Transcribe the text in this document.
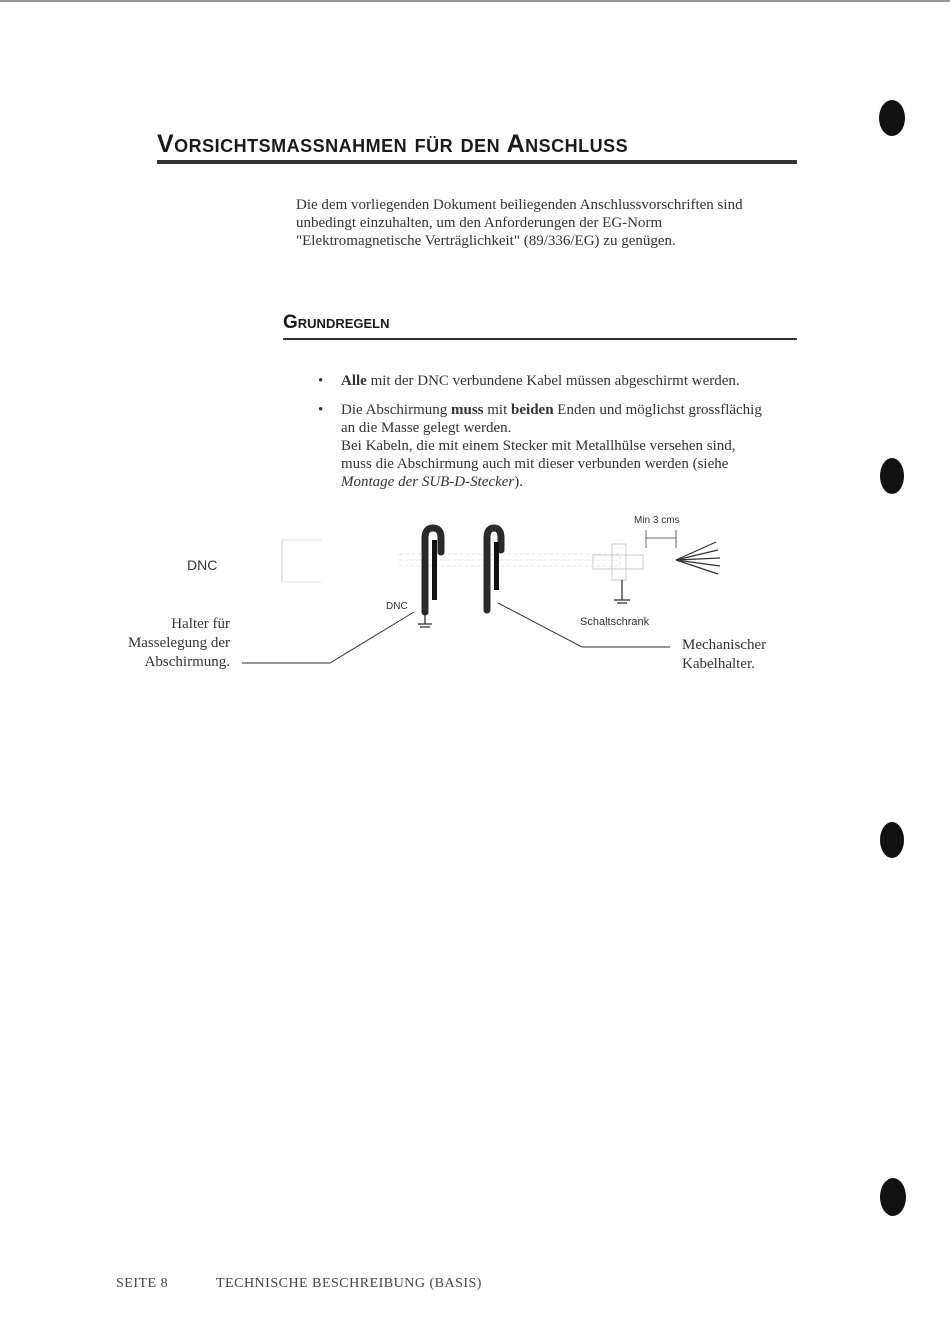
Vorsichtsmassnahmen für den Anschluss
Die dem vorliegenden Dokument beiliegenden Anschlussvorschriften sind
unbedingt einzuhalten, um den Anforderungen der EG-Norm
"Elektromagnetische Verträglichkeit" (89/336/EG) zu genügen.
Grundregeln
• Alle mit der DNC verbundene Kabel müssen abgeschirmt werden.
• Die Abschirmung muss mit beiden Enden und möglichst grossflächig
an die Masse gelegt werden.
Bei Kabeln, die mit einem Stecker mit Metallhülse versehen sind,
muss die Abschirmung auch mit dieser verbunden werden (siehe
Montage der SUB-D-Stecker).
DNC
DNC
Min 3 cms
Schaltschrank
Halter für
Masselegung der
Abschirmung.
Mechanischer
Kabelhalter.
SEITE 8	TECHNISCHE BESCHREIBUNG (BASIS)
